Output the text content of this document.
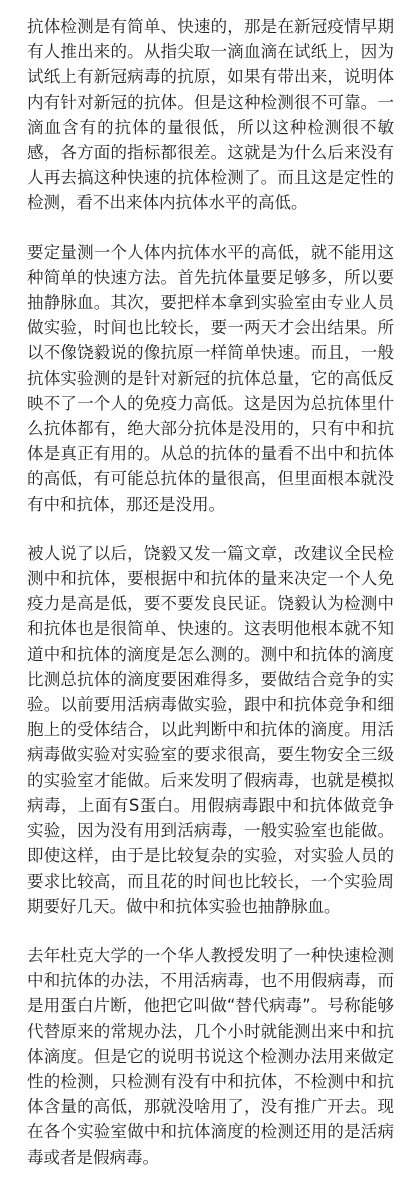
抗体检测是有简单、快速的，那是在新冠疫情早期有人推出来的。从指尖取一滴血滴在试纸上，因为试纸上有新冠病毒的抗原，如果有带出来，说明体内有针对新冠的抗体。但是这种检测很不可靠。一滴血含有的抗体的量很低，所以这种检测很不敏感，各方面的指标都很差。这就是为什么后来没有人再去搞这种快速的抗体检测了。而且这是定性的检测，看不出来体内抗体水平的高低。

要定量测一个人体内抗体水平的高低，就不能用这种简单的快速方法。首先抗体量要足够多，所以要抽静脉血。其次，要把样本拿到实验室由专业人员做实验，时间也比较长，要一两天才会出结果。所以不像饶毅说的像抗原一样简单快速。而且，一般抗体实验测的是针对新冠的抗体总量，它的高低反映不了一个人的免疫力高低。这是因为总抗体里什么抗体都有，绝大部分抗体是没用的，只有中和抗体是真正有用的。从总的抗体的量看不出中和抗体的高低，有可能总抗体的量很高，但里面根本就没有中和抗体，那还是没用。

被人说了以后，饶毅又发一篇文章，改建议全民检测中和抗体，要根据中和抗体的量来决定一个人免疫力是高是低，要不要发良民证。饶毅认为检测中和抗体也是很简单、快速的。这表明他根本就不知道中和抗体的滴度是怎么测的。测中和抗体的滴度比测总抗体的滴度要困难得多，要做结合竞争的实验。以前要用活病毒做实验，跟中和抗体竞争和细胞上的受体结合，以此判断中和抗体的滴度。用活病毒做实验对实验室的要求很高，要生物安全三级的实验室才能做。后来发明了假病毒，也就是模拟病毒，上面有S蛋白。用假病毒跟中和抗体做竞争实验，因为没有用到活病毒，一般实验室也能做。即使这样，由于是比较复杂的实验，对实验人员的要求比较高，而且花的时间也比较长，一个实验周期要好几天。做中和抗体实验也抽静脉血。

去年杜克大学的一个华人教授发明了一种快速检测中和抗体的办法，不用活病毒，也不用假病毒，而是用蛋白片断，他把它叫做“替代病毒”。号称能够代替原来的常规办法，几个小时就能测出来中和抗体滴度。但是它的说明书说这个检测办法用来做定性的检测，只检测有没有中和抗体，不检测中和抗体含量的高低，那就没啥用了，没有推广开去。现在各个实验室做中和抗体滴度的检测还用的是活病毒或者是假病毒。
